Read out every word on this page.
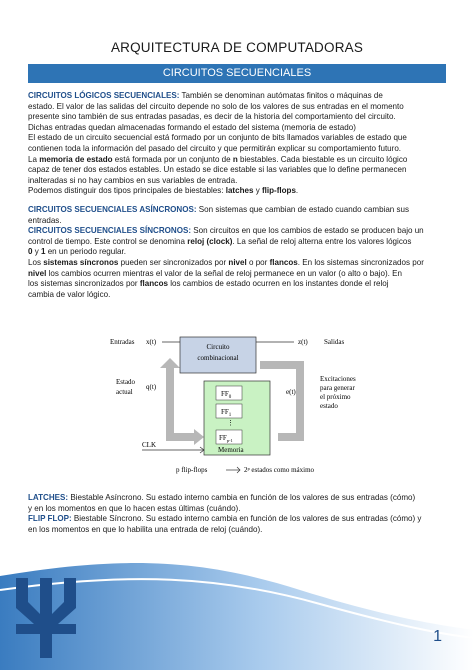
ARQUITECTURA DE COMPUTADORAS
CIRCUITOS SECUENCIALES

CIRCUITOS LÓGICOS SECUENCIALES: También se denominan autómatas finitos o máquinas de

estado. El valor de las salidas del circuito depende no solo de los valores de sus entradas en el momento

presente sino también de sus entradas pasadas, es decir de la historia del comportamiento del circuito.

Dichas entradas quedan almacenadas formando el estado del sistema (memoria de estado)

El estado de un circuito secuencial está formado por un conjunto de bits llamados variables de estado que

contienen toda la información del pasado del circuito y que permitirán explicar su comportamiento futuro.

La memoria de estado está formada por un conjunto de n biestables. Cada biestable es un circuito lógico

capaz de tener dos estados estables. Un estado se dice estable si las variables que lo define permanecen

inalteradas si no hay cambios en sus variables de entrada.

Podemos distinguir dos tipos principales de biestables: latches y flip-flops.

CIRCUITOS SECUENCIALES ASÍNCRONOS: Son sistemas que cambian de estado cuando cambian sus

entradas.

CIRCUITOS SECUENCIALES SÍNCRONOS: Son circuitos en que los cambios de estado se producen bajo un

control de tiempo. Este control se denomina reloj (clock). La señal de reloj alterna entre los valores lógicos

0 y 1 en un periodo regular.

Los sistemas síncronos pueden ser sincronizados por nivel o por flancos. En los sistemas sincronizados por

nivel los cambios ocurren mientras el valor de la señal de reloj permanece en un valor (o alto o bajo). En

los sistemas sincronizados por flancos los cambios de estado ocurren en los instantes donde el reloj

cambia de valor lógico.

Circuito
combinacional
Entradas x(t)	z(t) Salidas
Estado
actual
q(t)
$FF_0$
$FF_1$
⋮
$FF_{p-1}$
Memoria
e(t)
Excitaciones
para generar
el próximo
estado
CLK
p flip-flops	2ᵖ estados como máximo

LATCHES: Biestable Asíncrono. Su estado interno cambia en función de los valores de sus entradas (cómo)

y en los momentos en que lo hacen estas últimas (cuándo).

FLIP FLOP: Biestable Síncrono. Su estado interno cambia en función de los valores de sus entradas (cómo) y

en los momentos en que lo habilita una entrada de reloj (cuándo).

1
